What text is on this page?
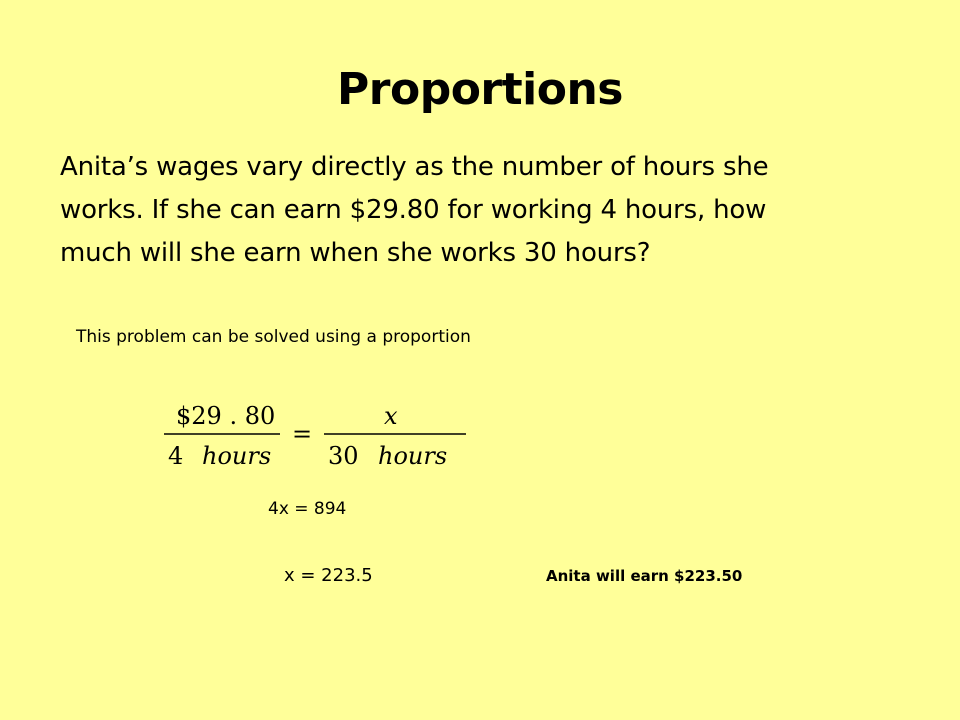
Proportions
Anita’s wages vary directly as the number of hours she
works. If she can earn $29.80 for working 4 hours, how
much will she earn when she works 30 hours?
This problem can be solved using a proportion
$29 . 80
4 hours
=
x
30 hours
4x = 894
x = 223.5	Anita will earn $223.50
